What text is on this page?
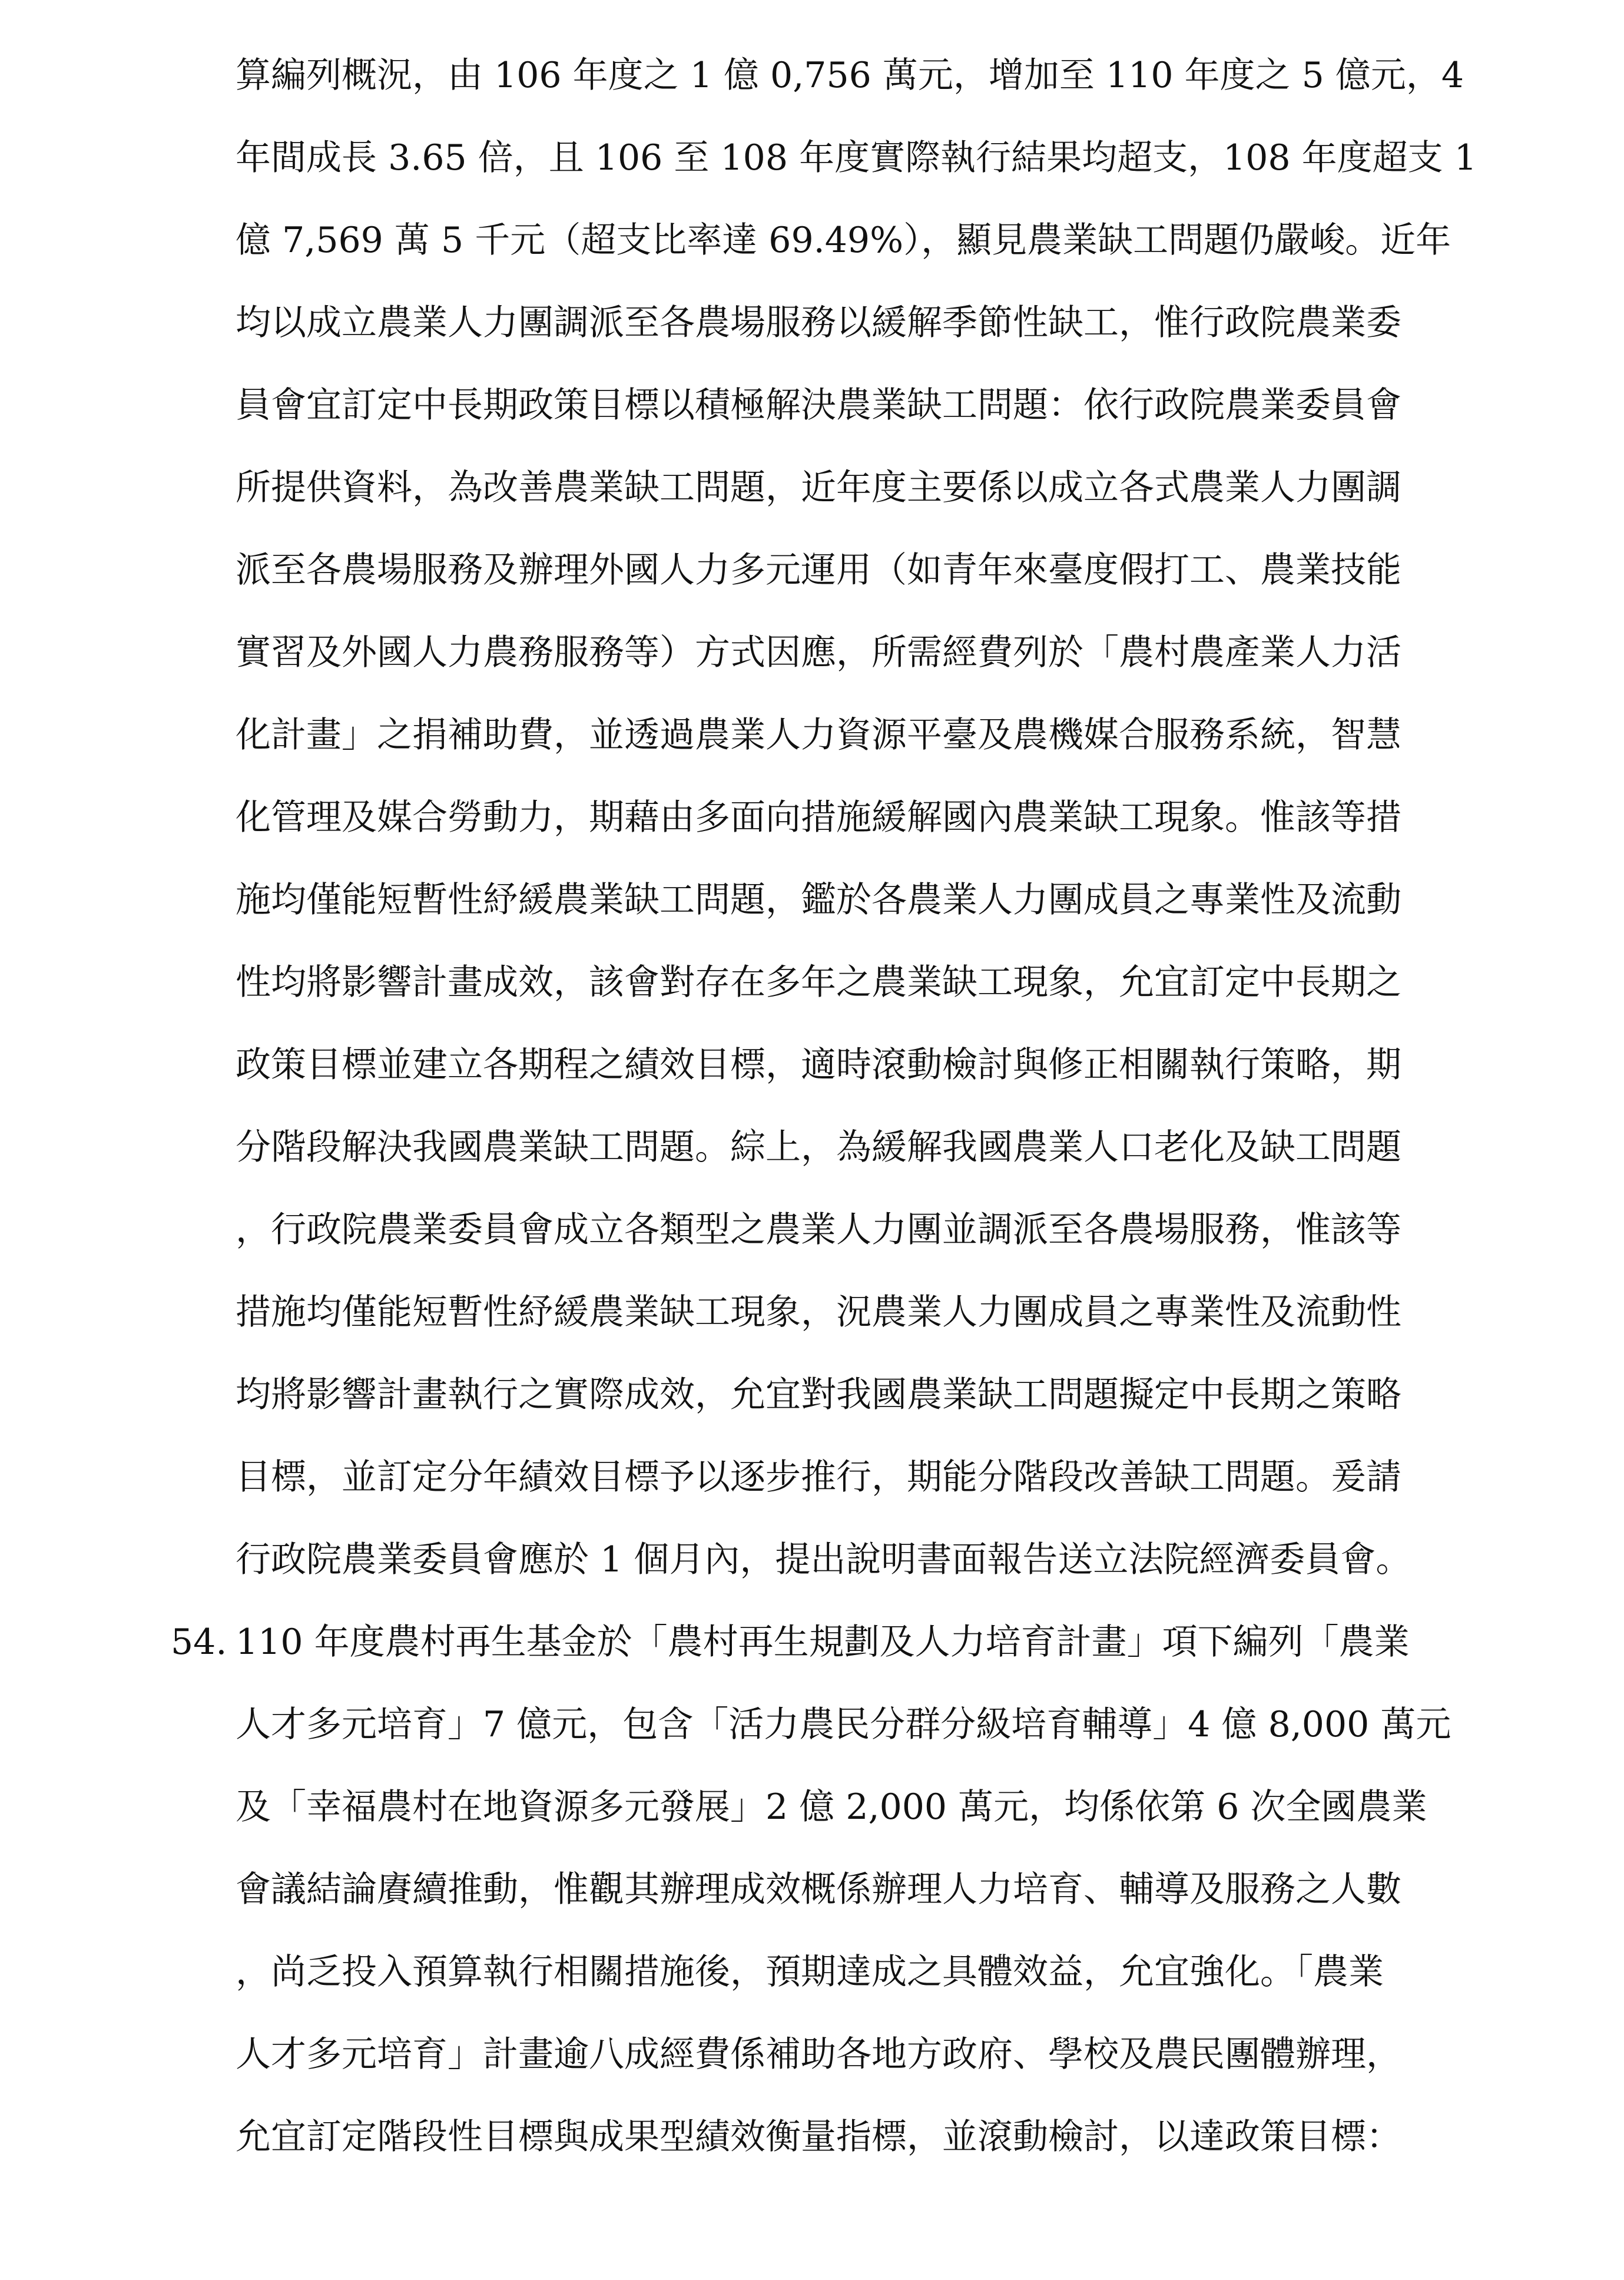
算編列概況，由 106 年度之 1 億 0,756 萬元，增加至 110 年度之 5 億元，4
年間成長 3.65 倍，且 106 至 108 年度實際執行結果均超支，108 年度超支 1
億 7,569 萬 5 千元（超支比率達 69.49%），顯見農業缺工問題仍嚴峻。近年
均以成立農業人力團調派至各農場服務以緩解季節性缺工，惟行政院農業委
員會宜訂定中長期政策目標以積極解決農業缺工問題：依行政院農業委員會
所提供資料，為改善農業缺工問題，近年度主要係以成立各式農業人力團調
派至各農場服務及辦理外國人力多元運用（如青年來臺度假打工、農業技能
實習及外國人力農務服務等）方式因應，所需經費列於「農村農產業人力活
化計畫」之捐補助費，並透過農業人力資源平臺及農機媒合服務系統，智慧
化管理及媒合勞動力，期藉由多面向措施緩解國內農業缺工現象。惟該等措
施均僅能短暫性紓緩農業缺工問題，鑑於各農業人力團成員之專業性及流動
性均將影響計畫成效，該會對存在多年之農業缺工現象，允宜訂定中長期之
政策目標並建立各期程之績效目標，適時滾動檢討與修正相關執行策略，期
分階段解決我國農業缺工問題。綜上，為緩解我國農業人口老化及缺工問題
，行政院農業委員會成立各類型之農業人力團並調派至各農場服務，惟該等
措施均僅能短暫性紓緩農業缺工現象，況農業人力團成員之專業性及流動性
均將影響計畫執行之實際成效，允宜對我國農業缺工問題擬定中長期之策略
目標，並訂定分年績效目標予以逐步推行，期能分階段改善缺工問題。爰請
行政院農業委員會應於 1 個月內，提出說明書面報告送立法院經濟委員會。
54. 110 年度農村再生基金於「農村再生規劃及人力培育計畫」項下編列「農業
人才多元培育」7 億元，包含「活力農民分群分級培育輔導」4 億 8,000 萬元
及「幸福農村在地資源多元發展」2 億 2,000 萬元，均係依第 6 次全國農業
會議結論賡續推動，惟觀其辦理成效概係辦理人力培育、輔導及服務之人數
，尚乏投入預算執行相關措施後，預期達成之具體效益，允宜強化。「農業
人才多元培育」計畫逾八成經費係補助各地方政府、學校及農民團體辦理，
允宜訂定階段性目標與成果型績效衡量指標，並滾動檢討，以達政策目標：
